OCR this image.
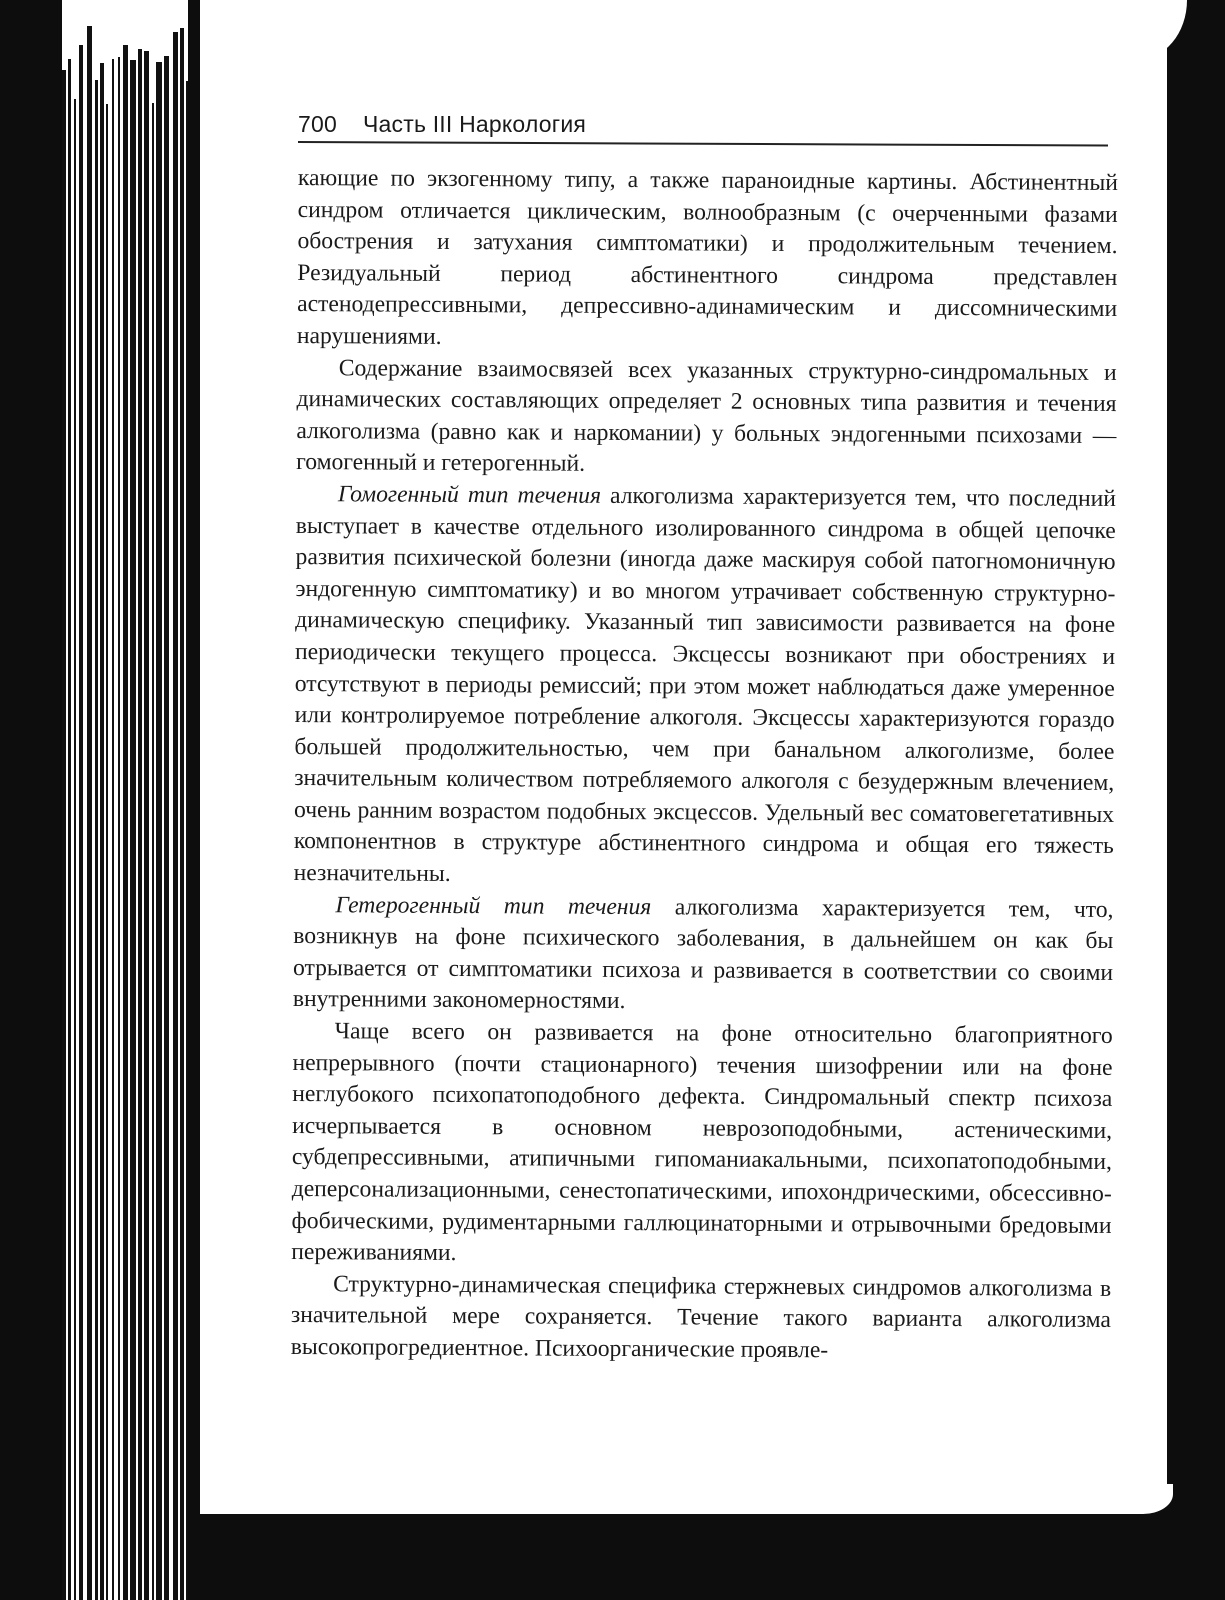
700 Часть III Наркология

кающие по экзогенному типу, а также параноидные картины. Абстинентный синдром отличается циклическим, волнообразным (с очерченными фазами обострения и затухания симптоматики) и продолжительным течением. Резидуальный период абстинентного синдрома представлен астенодепрессивными, депрессивно-адинамическим и диссомническими нарушениями.

Содержание взаимосвязей всех указанных структурно-синдромальных и динамических составляющих определяет 2 основных типа развития и течения алкоголизма (равно как и наркомании) у больных эндогенными психозами — гомогенный и гетерогенный.

Гомогенный тип течения алкоголизма характеризуется тем, что последний выступает в качестве отдельного изолированного синдрома в общей цепочке развития психической болезни (иногда даже маскируя собой патогномоничную эндогенную симптоматику) и во многом утрачивает собственную структурно-динамическую специфику. Указанный тип зависимости развивается на фоне периодически текущего процесса. Эксцессы возникают при обострениях и отсутствуют в периоды ремиссий; при этом может наблюдаться даже умеренное или контролируемое потребление алкоголя. Эксцессы характеризуются гораздо большей продолжительностью, чем при банальном алкоголизме, более значительным количеством потребляемого алкоголя с безудержным влечением, очень ранним возрастом подобных эксцессов. Удельный вес соматовегетативных компонентнов в структуре абстинентного синдрома и общая его тяжесть незначительны.

Гетерогенный тип течения алкоголизма характеризуется тем, что, возникнув на фоне психического заболевания, в дальнейшем он как бы отрывается от симптоматики психоза и развивается в соответствии со своими внутренними закономерностями.

Чаще всего он развивается на фоне относительно благоприятного непрерывного (почти стационарного) течения шизофрении или на фоне неглубокого психопатоподобного дефекта. Синдромальный спектр психоза исчерпывается в основном неврозоподобными, астеническими, субдепрессивными, атипичными гипоманиакальными, психопатоподобными, деперсонализационными, сенестопатическими, ипохондрическими, обсессивно-фобическими, рудиментарными галлюцинаторными и отрывочными бредовыми переживаниями.

Структурно-динамическая специфика стержневых синдромов алкоголизма в значительной мере сохраняется. Течение такого варианта алкоголизма высокопрогредиентное. Психоорганические проявле-
